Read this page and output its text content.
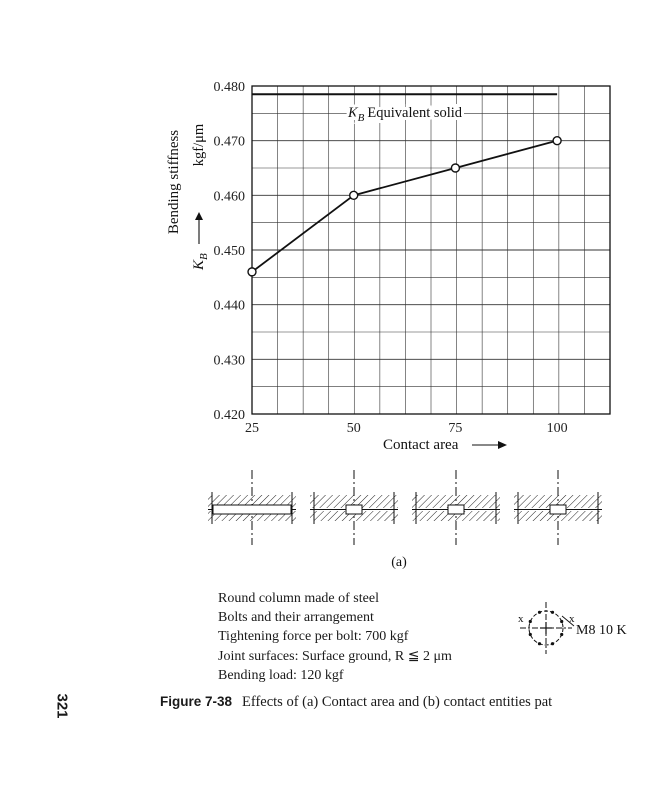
$K_B$ Equivalent solid
0.420
0.430
0.440
0.450
0.460
0.470
0.480
25	50	75	100
Bending stiffness
$K_B$
kgf/μm
Contact area
(a)
x	x
M8 10 K
Round column made of steel
Bolts and their arrangement
Tightening force per bolt: 700 kgf
Joint surfaces: Surface ground, R ≦ 2 μm
Bending load: 120 kgf
Figure 7-38 Effects of (a) Contact area and (b) contact entities pat
321
